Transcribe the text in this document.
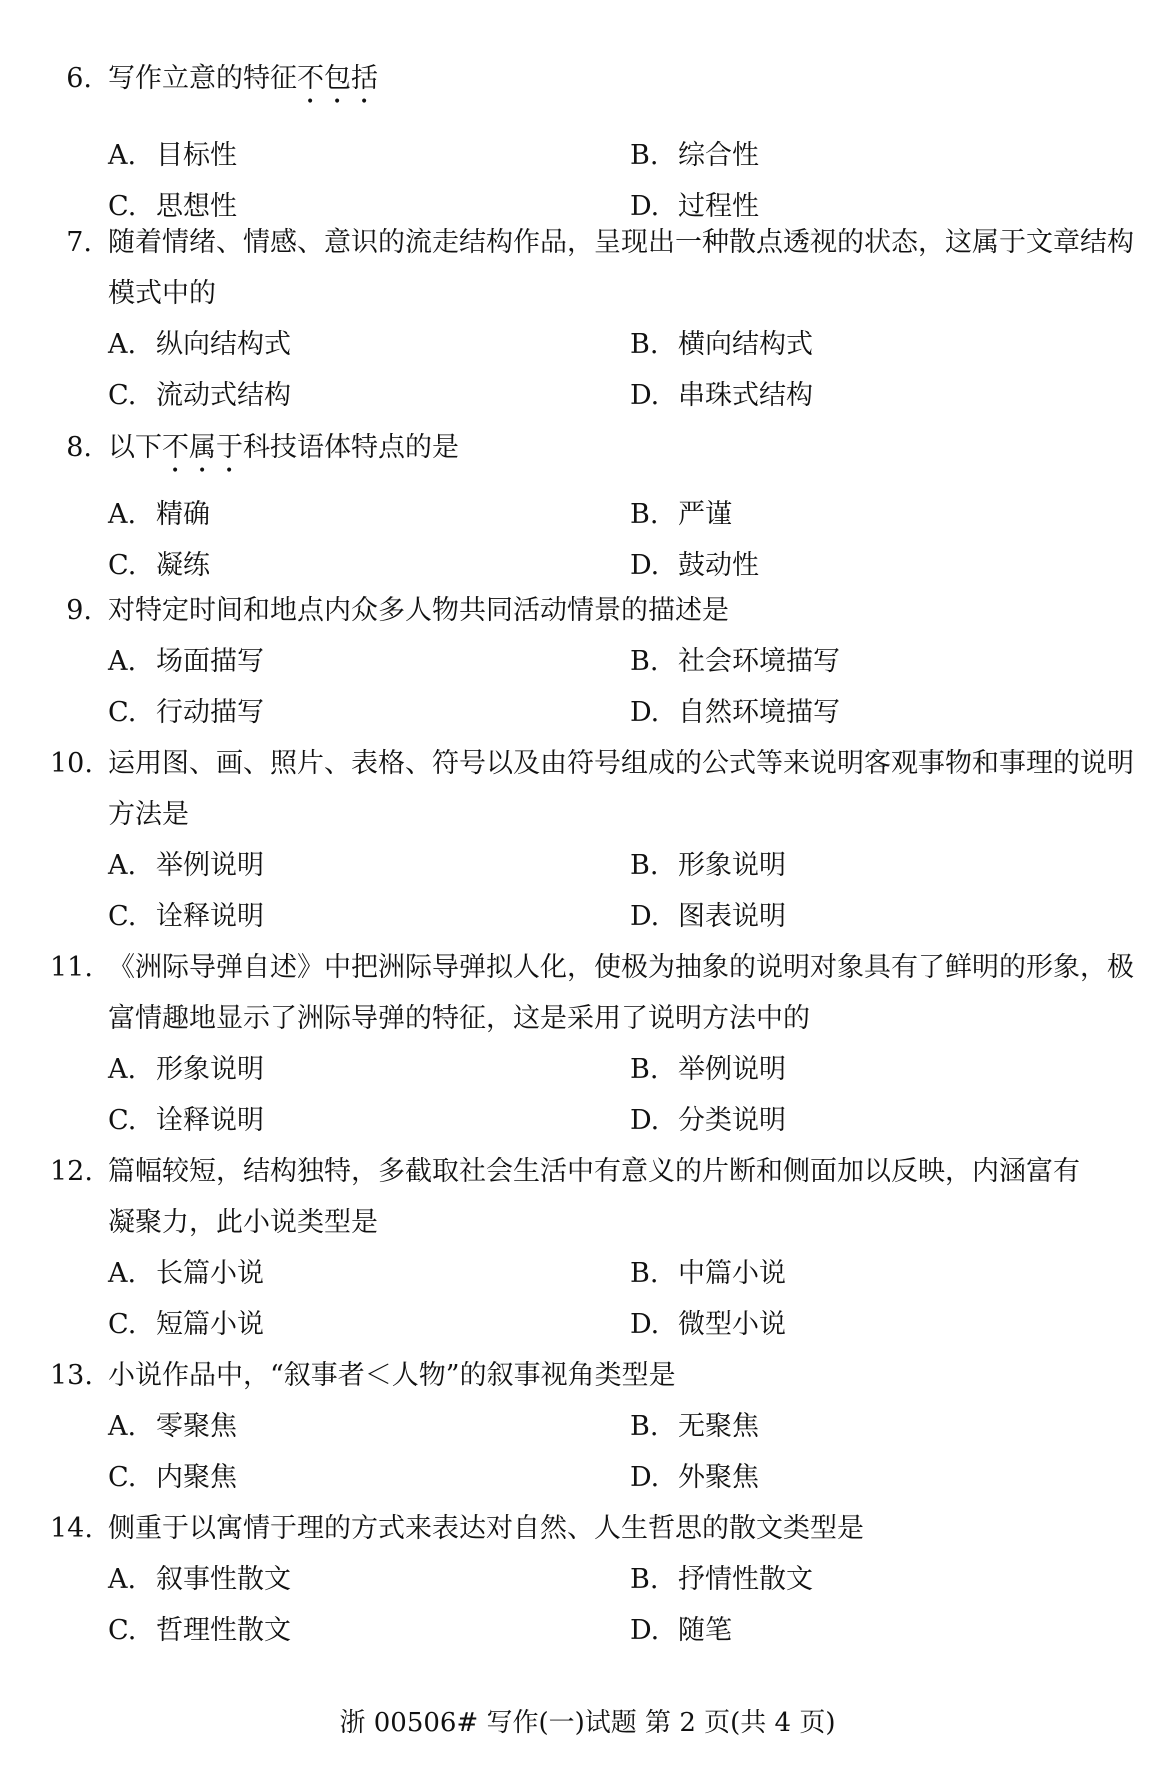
6. 写作立意的特征不包括
A. 目标性	B. 综合性
C. 思想性	D. 过程性
7. 随着情绪、情感、意识的流走结构作品，呈现出一种散点透视的状态，这属于文章结构模式中的
A. 纵向结构式	B. 横向结构式
C. 流动式结构	D. 串珠式结构
8. 以下不属于科技语体特点的是
A. 精确	B. 严谨
C. 凝练	D. 鼓动性
9. 对特定时间和地点内众多人物共同活动情景的描述是
A. 场面描写	B. 社会环境描写
C. 行动描写	D. 自然环境描写
10. 运用图、画、照片、表格、符号以及由符号组成的公式等来说明客观事物和事理的说明方法是
A. 举例说明	B. 形象说明
C. 诠释说明	D. 图表说明
11. 《洲际导弹自述》中把洲际导弹拟人化，使极为抽象的说明对象具有了鲜明的形象，极富情趣地显示了洲际导弹的特征，这是采用了说明方法中的
A. 形象说明	B. 举例说明
C. 诠释说明	D. 分类说明
12. 篇幅较短，结构独特，多截取社会生活中有意义的片断和侧面加以反映，内涵富有凝聚力，此小说类型是
A. 长篇小说	B. 中篇小说
C. 短篇小说	D. 微型小说
13. 小说作品中，“叙事者＜人物”的叙事视角类型是
A. 零聚焦	B. 无聚焦
C. 内聚焦	D. 外聚焦
14. 侧重于以寓情于理的方式来表达对自然、人生哲思的散文类型是
A. 叙事性散文	B. 抒情性散文
C. 哲理性散文	D. 随笔
浙 00506# 写作(一)试题 第 2 页(共 4 页)
